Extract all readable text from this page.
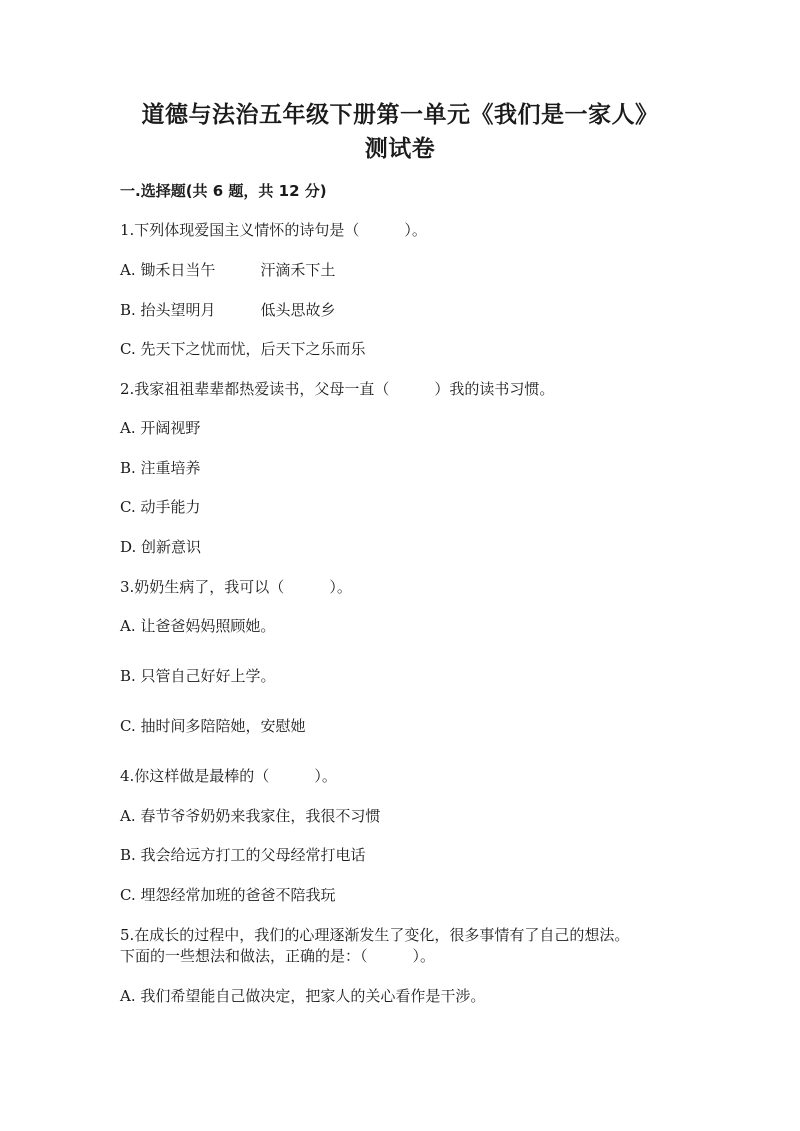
道德与法治五年级下册第一单元《我们是一家人》
测试卷
一.选择题(共 6 题，共 12 分)
1.下列体现爱国主义情怀的诗句是（　　　）。
A. 锄禾日当午　　　汗滴禾下土
B. 抬头望明月　　　低头思故乡
C. 先天下之忧而忧，后天下之乐而乐
2.我家祖祖辈辈都热爱读书，父母一直（　　　）我的读书习惯。
A. 开阔视野
B. 注重培养
C. 动手能力
D. 创新意识
3.奶奶生病了，我可以（　　　）。
A. 让爸爸妈妈照顾她。
B. 只管自己好好上学。
C. 抽时间多陪陪她，安慰她
4.你这样做是最棒的（　　　）。
A. 春节爷爷奶奶来我家住，我很不习惯
B. 我会给远方打工的父母经常打电话
C. 埋怨经常加班的爸爸不陪我玩
5.在成长的过程中，我们的心理逐渐发生了变化，很多事情有了自己的想法。
下面的一些想法和做法，正确的是：（　　　）。
A. 我们希望能自己做决定，把家人的关心看作是干涉。
